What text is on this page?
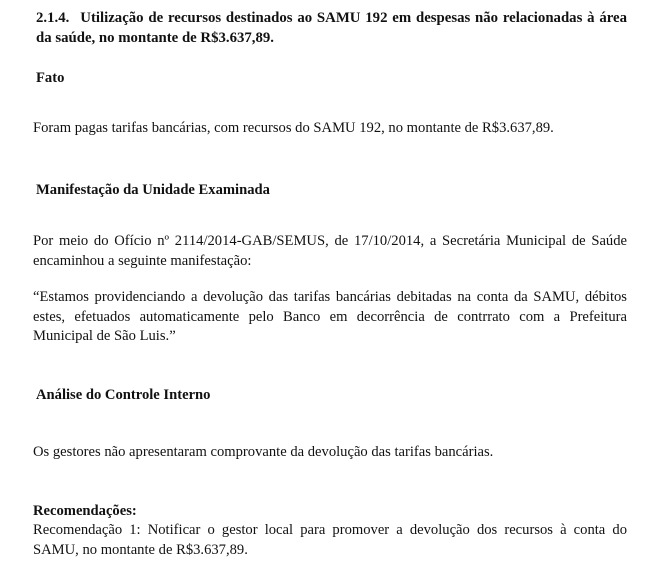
2.1.4. Utilização de recursos destinados ao SAMU 192 em despesas não relacionadas à área da saúde, no montante de R$3.637,89.
Fato
Foram pagas tarifas bancárias, com recursos do SAMU 192, no montante de R$3.637,89.
Manifestação da Unidade Examinada
Por meio do Ofício nº 2114/2014-GAB/SEMUS, de 17/10/2014, a Secretária Municipal de Saúde encaminhou a seguinte manifestação:
“Estamos providenciando a devolução das tarifas bancárias debitadas na conta da SAMU, débitos estes, efetuados automaticamente pelo Banco em decorrência de contrrato com a Prefeitura Municipal de São Luis.”
Análise do Controle Interno
Os gestores não apresentaram comprovante da devolução das tarifas bancárias.
Recomendações:
Recomendação 1: Notificar o gestor local para promover a devolução dos recursos à conta do SAMU, no montante de R$3.637,89.
